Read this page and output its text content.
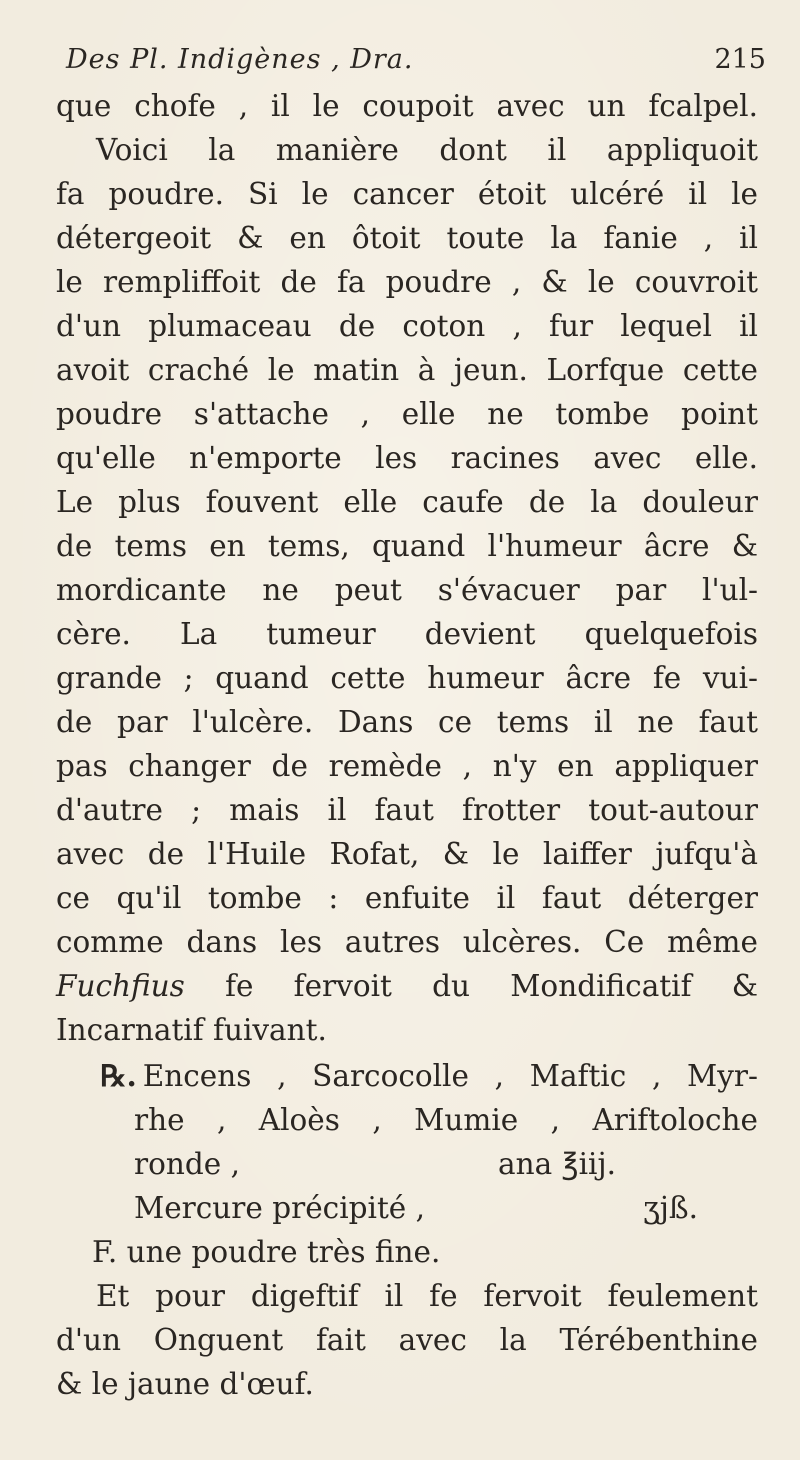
Des Pl. Indigènes , Dra.	215
que chofe , il le coupoit avec un fcalpel.
Voici la manière dont il appliquoit
fa poudre. Si le cancer étoit ulcéré il le
détergeoit & en ôtoit toute la fanie , il
le rempliffoit de fa poudre , & le couvroit
d'un plumaceau de coton , fur lequel il
avoit craché le matin à jeun. Lorfque cette
poudre s'attache , elle ne tombe point
qu'elle n'emporte les racines avec elle.
Le plus fouvent elle caufe de la douleur
de tems en tems, quand l'humeur âcre &
mordicante ne peut s'évacuer par l'ul-
cère. La tumeur devient quelquefois
grande ; quand cette humeur âcre fe vui-
de par l'ulcère. Dans ce tems il ne faut
pas changer de remède , n'y en appliquer
d'autre ; mais il faut frotter tout-autour
avec de l'Huile Rofat, & le laiffer jufqu'à
ce qu'il tombe : enfuite il faut déterger
comme dans les autres ulcères. Ce même
Fuchfius fe fervoit du Mondificatif &
Incarnatif fuivant.
℞. Encens , Sarcocolle , Maftic , Myr-
rhe , Aloès , Mumie , Ariftoloche
ronde ,	ana ℥iij.
Mercure précipité ,	ʒjß.
F. une poudre très fine.
Et pour digeftif il fe fervoit feulement
d'un Onguent fait avec la Térébenthine
& le jaune d'œuf.
